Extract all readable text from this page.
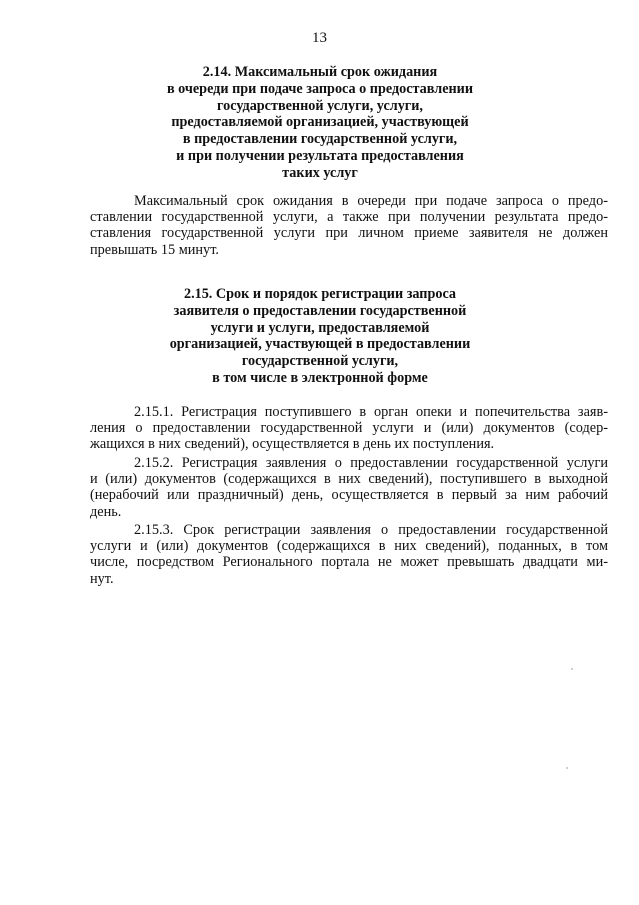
13
2.14. Максимальный срок ожидания
в очереди при подаче запроса о предоставлении
государственной услуги, услуги,
предоставляемой организацией, участвующей
в предоставлении государственной услуги,
и при получении результата предоставления
таких услуг
Максимальный срок ожидания в очереди при подаче запроса о предо-
ставлении государственной услуги, а также при получении результата предо-
ставления государственной услуги при личном приеме заявителя не должен
превышать 15 минут.
2.15. Срок и порядок регистрации запроса
заявителя о предоставлении государственной
услуги и услуги, предоставляемой
организацией, участвующей в предоставлении
государственной услуги,
в том числе в электронной форме
2.15.1. Регистрация поступившего в орган опеки и попечительства заяв-
ления о предоставлении государственной услуги и (или) документов (содер-
жащихся в них сведений), осуществляется в день их поступления.
2.15.2. Регистрация заявления о предоставлении государственной услуги
и (или) документов (содержащихся в них сведений), поступившего в выходной
(нерабочий или праздничный) день, осуществляется в первый за ним рабочий
день.
2.15.3. Срок регистрации заявления о предоставлении государственной
услуги и (или) документов (содержащихся в них сведений), поданных, в том
числе, посредством Регионального портала не может превышать двадцати ми-
нут.
